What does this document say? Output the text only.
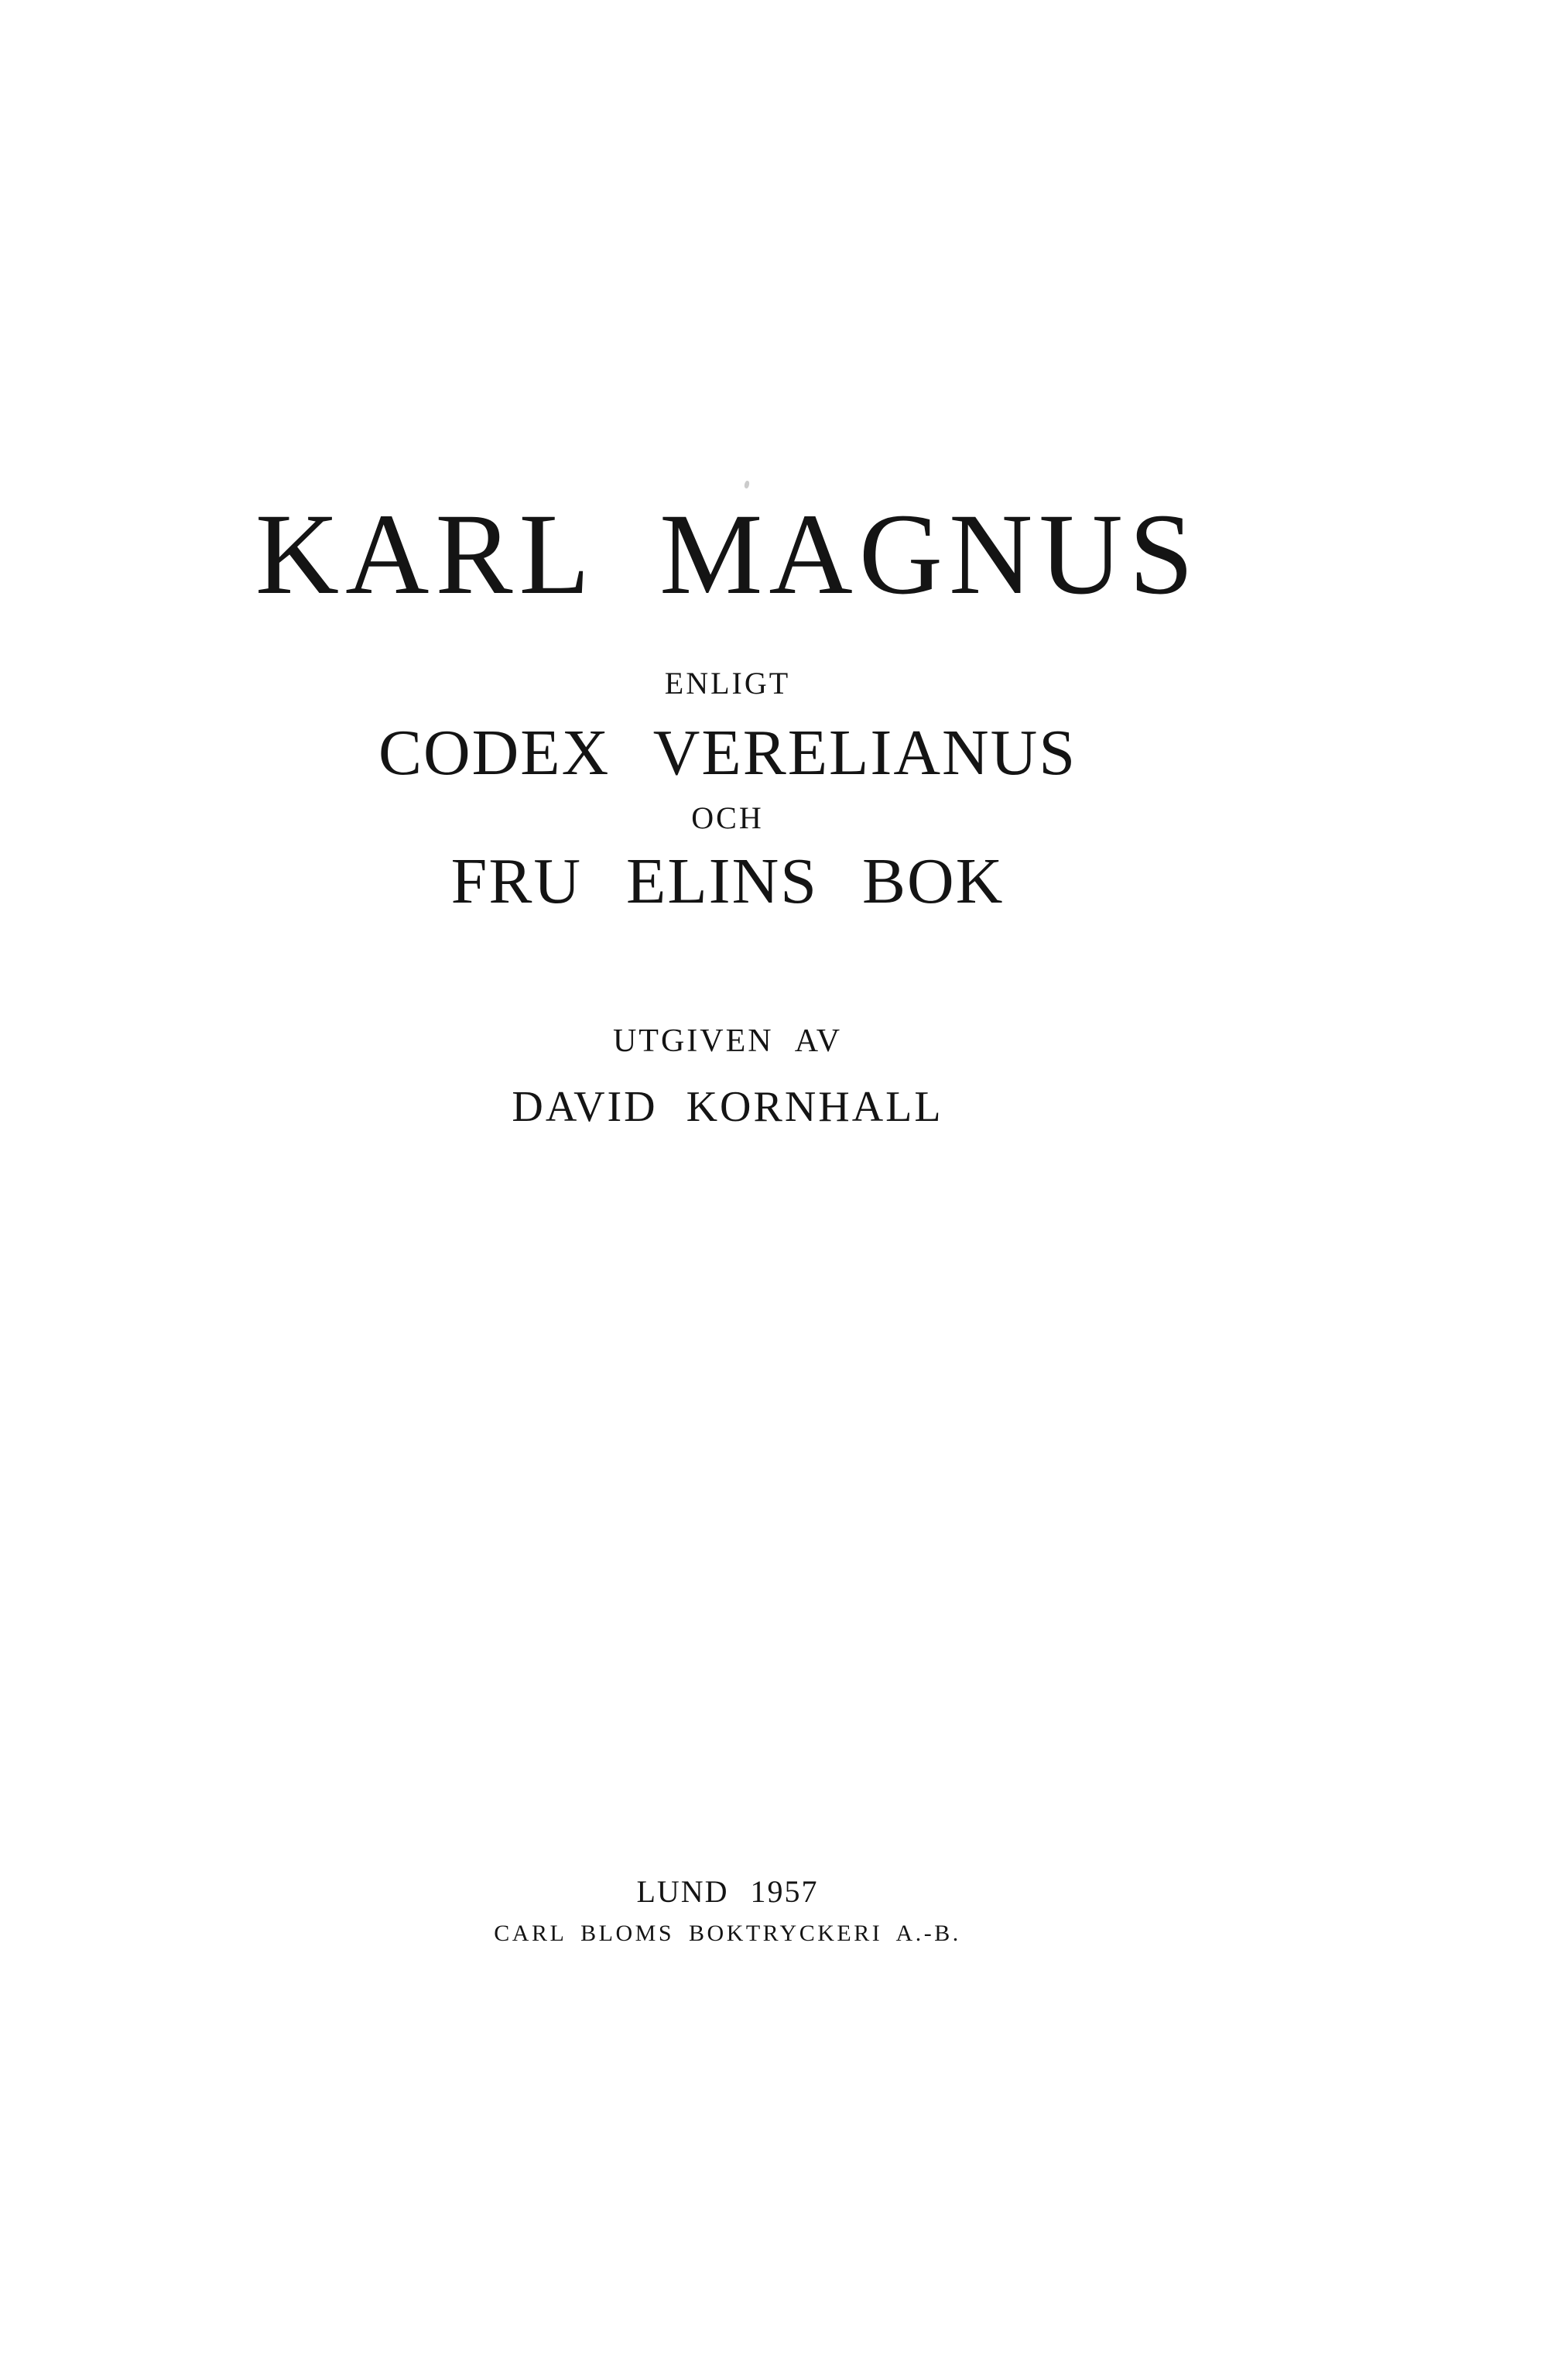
KARL MAGNUS
ENLIGT
CODEX VERELIANUS
OCH
FRU ELINS BOK
UTGIVEN AV
DAVID KORNHALL
LUND 1957
CARL BLOMS BOKTRYCKERI A.-B.
